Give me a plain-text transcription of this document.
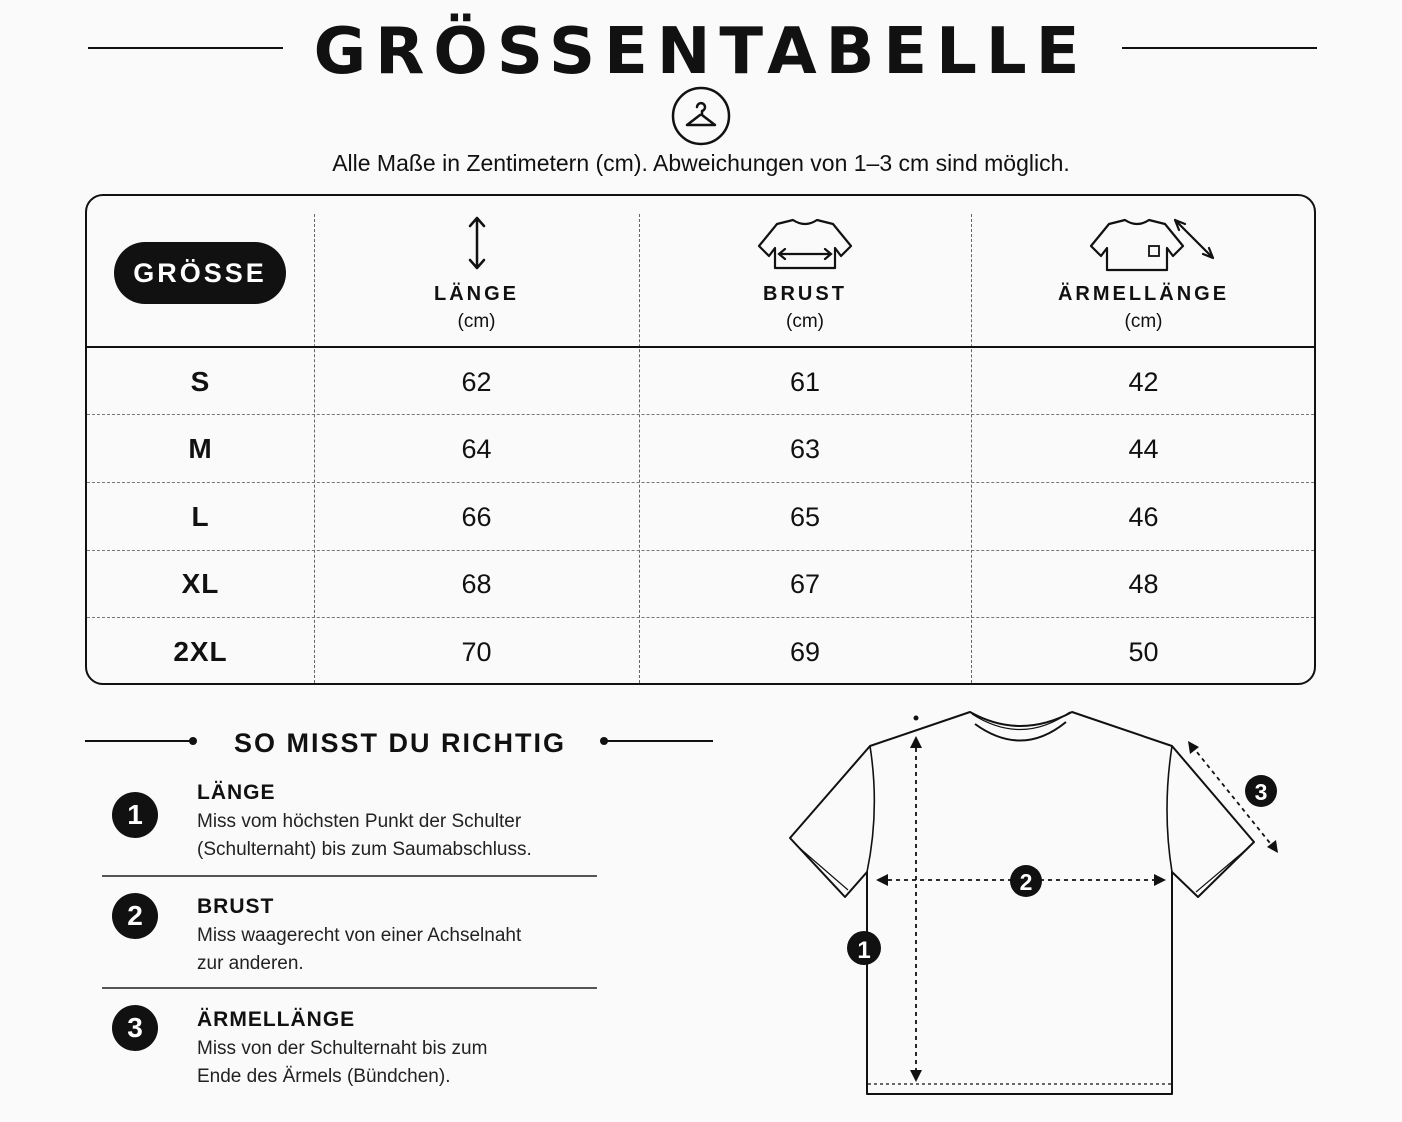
GRÖSSENTABELLE
Alle Maße in Zentimetern (cm). Abweichungen von 1–3 cm sind möglich.
GRÖSSE
LÄNGE
(cm)
BRUST
(cm)
ÄRMELLÄNGE
(cm)
S	62	61	42
M	64	63	44
L	66	65	46
XL	68	67	48
2XL	70	69	50
SO MISST DU RICHTIG
1
LÄNGE
Miss vom höchsten Punkt der Schulter
(Schulternaht) bis zum Saumabschluss.
2	BRUST
Miss waagerecht von einer Achselnaht
zur anderen.
3	ÄRMELLÄNGE
Miss von der Schulternaht bis zum
Ende des Ärmels (Bündchen).
1
2
3
